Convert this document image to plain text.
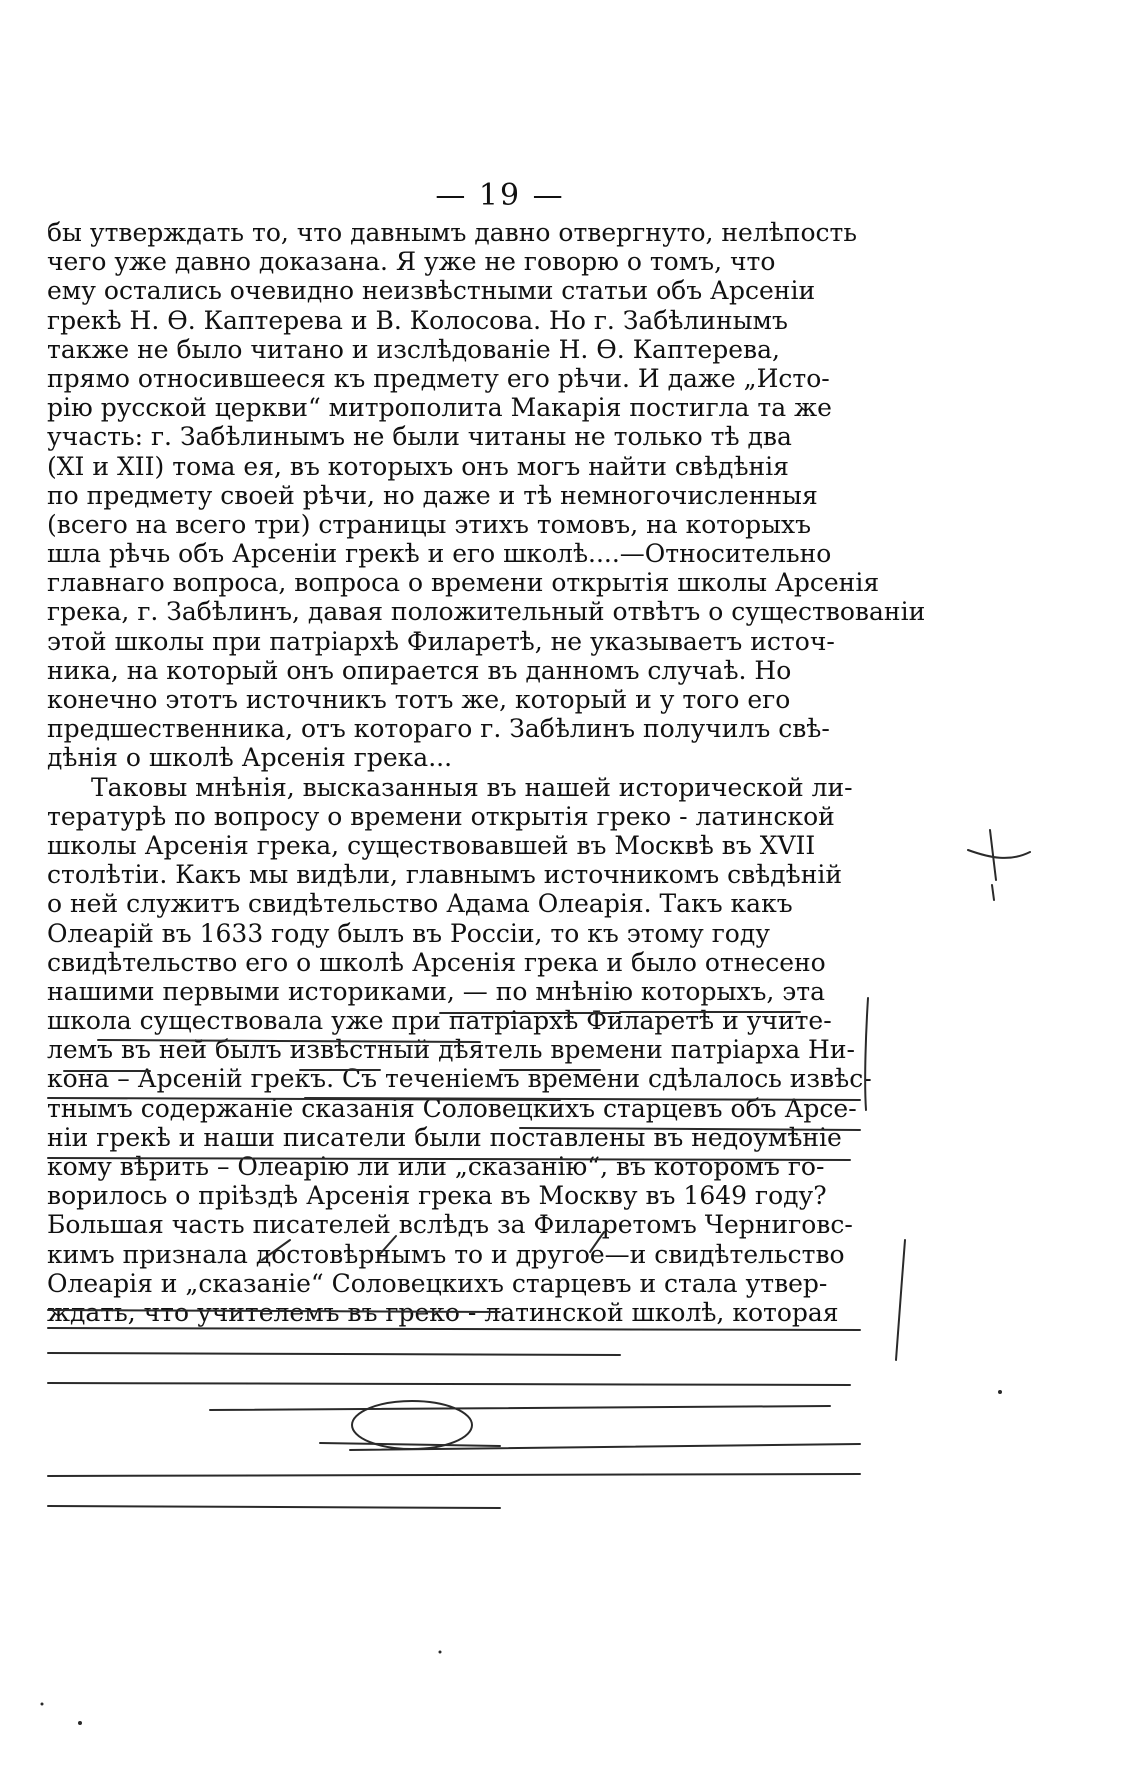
— 19 —
бы утверждать то, что давнымъ давно отвергнуто, нелѣпость
чего уже давно доказана. Я уже не говорю о томъ, что
ему остались очевидно неизвѣстными статьи объ Арсеніи
грекѣ Н. Ѳ. Каптерева и В. Колосова. Но г. Забѣлинымъ
также не было читано и изслѣдованіе Н. Ѳ. Каптерева,
прямо относившееся къ предмету его рѣчи. И даже „Исто-
рію русской церкви“ митрополита Макарія постигла та же
участь: г. Забѣлинымъ не были читаны не только тѣ два
(XI и XII) тома ея, въ которыхъ онъ могъ найти свѣдѣнія
по предмету своей рѣчи, но даже и тѣ немногочисленныя
(всего на всего три) страницы этихъ томовъ, на которыхъ
шла рѣчь объ Арсеніи грекѣ и его школѣ....—Относительно
главнаго вопроса, вопроса о времени открытія школы Арсенія
грека, г. Забѣлинъ, давая положительный отвѣтъ о существованіи
этой школы при патріархѣ Филаретѣ, не указываетъ источ-
ника, на который онъ опирается въ данномъ случаѣ. Но
конечно этотъ источникъ тотъ же, который и у того его
предшественника, отъ котораго г. Забѣлинъ получилъ свѣ-
дѣнія о школѣ Арсенія грека...
Таковы мнѣнія, высказанныя въ нашей исторической ли-
тературѣ по вопросу о времени открытія греко - латинской
школы Арсенія грека, существовавшей въ Москвѣ въ XVII
столѣтіи. Какъ мы видѣли, главнымъ источникомъ свѣдѣній
о ней служитъ свидѣтельство Адама Олеарія. Такъ какъ
Олеарій въ 1633 году былъ въ Россіи, то къ этому году
свидѣтельство его о школѣ Арсенія грека и было отнесено
нашими первыми историками, — по мнѣнію которыхъ, эта
школа существовала уже при патріархѣ Филаретѣ и учите-
лемъ въ ней былъ извѣстный дѣятель времени патріарха Ни-
кона – Арсеній грекъ. Съ теченіемъ времени сдѣлалось извѣс-
тнымъ содержаніе сказанія Соловецкихъ старцевъ объ Арсе-
ніи грекѣ и наши писатели были поставлены въ недоумѣніе
кому вѣрить – Олеарію ли или „сказанію“, въ которомъ го-
ворилось о пріѣздѣ Арсенія грека въ Москву въ 1649 году?
Большая часть писателей вслѣдъ за Филаретомъ Черниговс-
кимъ признала достовѣрнымъ то и другое—и свидѣтельство
Олеарія и „сказаніе“ Соловецкихъ старцевъ и стала утвер-
ждать, что учителемъ въ греко - латинской школѣ, которая
